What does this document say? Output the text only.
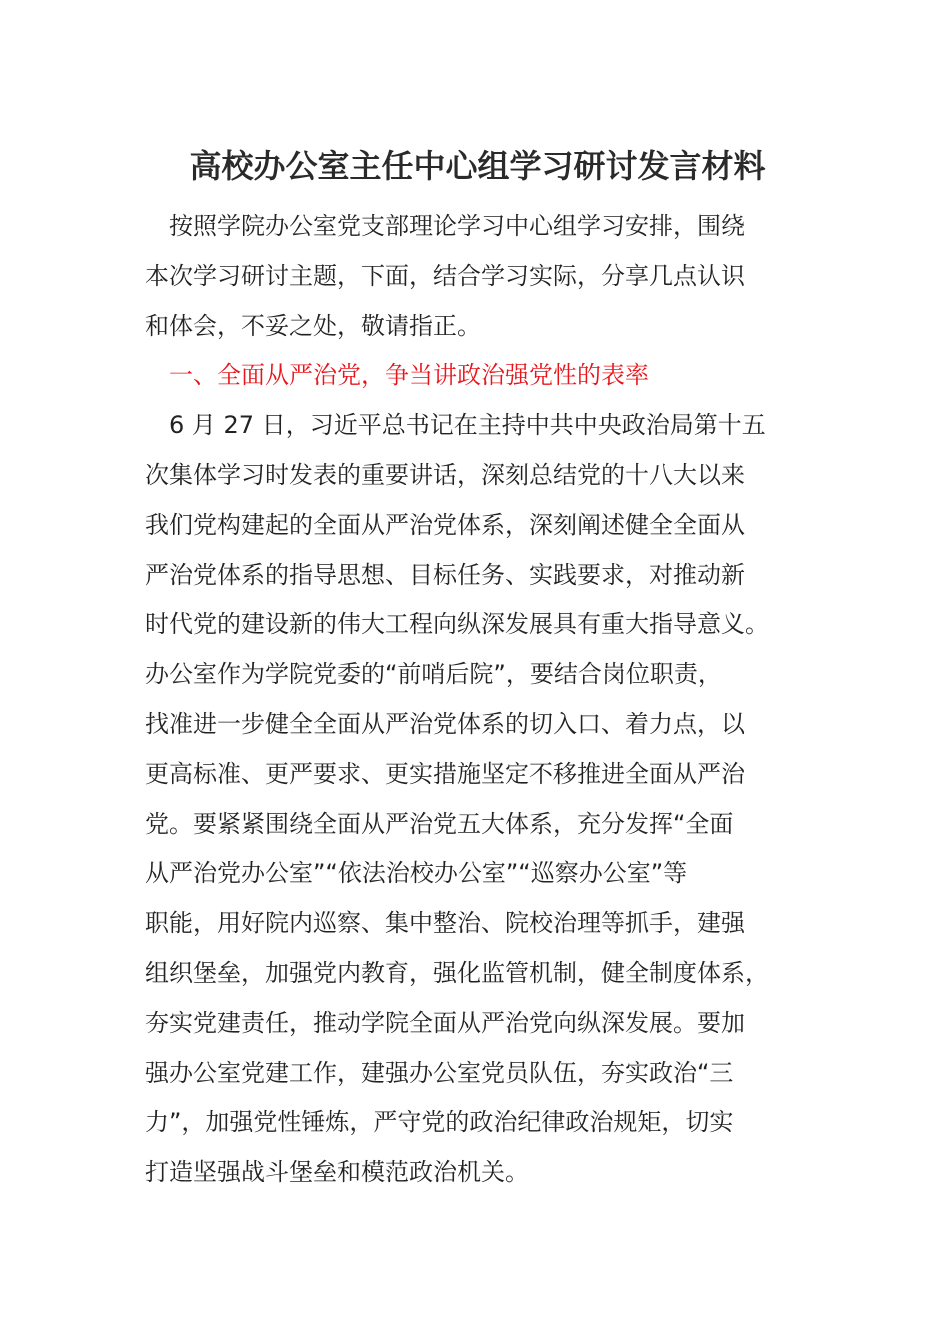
高校办公室主任中心组学习研讨发言材料

按照学院办公室党支部理论学习中心组学习安排，围绕
本次学习研讨主题，下面，结合学习实际，分享几点认识
和体会，不妥之处，敬请指正。

一、全面从严治党，争当讲政治强党性的表率

6 月 27 日，习近平总书记在主持中共中央政治局第十五
次集体学习时发表的重要讲话，深刻总结党的十八大以来
我们党构建起的全面从严治党体系，深刻阐述健全全面从
严治党体系的指导思想、目标任务、实践要求，对推动新
时代党的建设新的伟大工程向纵深发展具有重大指导意义。
办公室作为学院党委的“前哨后院”，要结合岗位职责，
找准进一步健全全面从严治党体系的切入口、着力点，以
更高标准、更严要求、更实措施坚定不移推进全面从严治
党。要紧紧围绕全面从严治党五大体系，充分发挥“全面
从严治党办公室”“依法治校办公室”“巡察办公室”等
职能，用好院内巡察、集中整治、院校治理等抓手，建强
组织堡垒，加强党内教育，强化监管机制，健全制度体系，
夯实党建责任，推动学院全面从严治党向纵深发展。要加
强办公室党建工作，建强办公室党员队伍，夯实政治“三
力”，加强党性锤炼，严守党的政治纪律政治规矩，切实
打造坚强战斗堡垒和模范政治机关。
